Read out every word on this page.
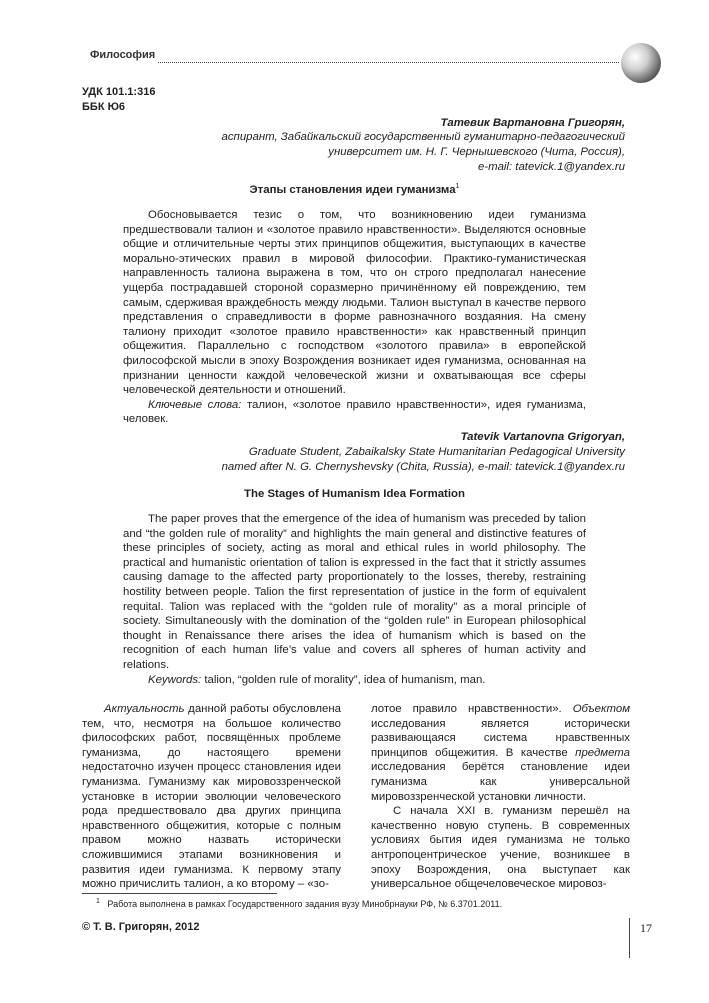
Философия
УДК 101.1:316
ББК Ю6
Татевик Вартановна Григорян,
аспирант, Забайкальский государственный гуманитарно-педагогический
университет им. Н. Г. Чернышевского (Чита, Россия),
e-mail: tatevick.1@yandex.ru
Этапы становления идеи гуманизма$^1$

Обосновывается тезис о том, что возникновению идеи гуманизма предшествовали талион и «золотое правило нравственности». Выделяются основные общие и отличительные черты этих принципов общежития, выступающих в качестве морально-этических правил в мировой философии. Практико-гуманистическая направленность талиона выражена в том, что он строго предполагал нанесение ущерба пострадавшей стороной соразмерно причинённому ей повреждению, тем самым, сдерживая враждебность между людьми. Талион выступал в качестве первого представления о справедливости в форме равнозначного воздаяния. На смену талиону приходит «золотое правило нравственности» как нравственный принцип общежития. Параллельно с господством «золотого правила» в европейской философской мысли в эпоху Возрождения возникает идея гуманизма, основанная на признании ценности каждой человеческой жизни и охватывающая все сферы человеческой деятельности и отношений.

Ключевые слова: талион, «золотое правило нравственности», идея гуманизма, человек.

Tatevik Vartanovna Grigoryan,
Graduate Student, Zabaikalsky State Humanitarian Pedagogical University
named after N. G. Chernyshevsky (Chita, Russia), e-mail: tatevick.1@yandex.ru
The Stages of Humanism Idea Formation

The paper proves that the emergence of the idea of humanism was preceded by talion and “the golden rule of morality” and highlights the main general and distinctive features of these principles of society, acting as moral and ethical rules in world philosophy. The practical and humanistic orientation of talion is expressed in the fact that it strictly assumes causing damage to the affected party proportionately to the losses, thereby, restraining hostility between people. Talion the first representation of justice in the form of equivalent requital. Talion was replaced with the “golden rule of morality” as a moral principle of society. Simultaneously with the domination of the “golden rule” in European philosophical thought in Renaissance there arises the idea of humanism which is based on the recognition of each human life’s value and covers all spheres of human activity and relations.

Keywords: talion, “golden rule of morality”, idea of humanism, man.

Актуальность данной работы обусловлена тем, что, несмотря на большое количество философских работ, посвящённых проблеме гуманизма, до настоящего времени недостаточно изучен процесс становления идеи гуманизма. Гуманизму как мировоззренческой установке в истории эволюции человеческого рода предшествовало два других принципа нравственного общежития, которые с полным правом можно назвать исторически сложившимися этапами возникновения и развития идеи гуманизма. К первому этапу можно причислить талион, а ко второму – «зо-

лотое правило нравственности». Объектом исследования является исторически развивающаяся система нравственных принципов общежития. В качестве предмета исследования берётся становление идеи гуманизма как универсальной мировоззренческой установки личности.

С начала XXI в. гуманизм перешёл на качественно новую ступень. В современных условиях бытия идея гуманизма не только антропоцентрическое учение, возникшее в эпоху Возрождения, она выступает как универсальное общечеловеческое мировоз-

$^1$ Работа выполнена в рамках Государственного задания вузу Минобрнауки РФ, № 6.3701.2011.
© Т. В. Григорян, 2012	17
